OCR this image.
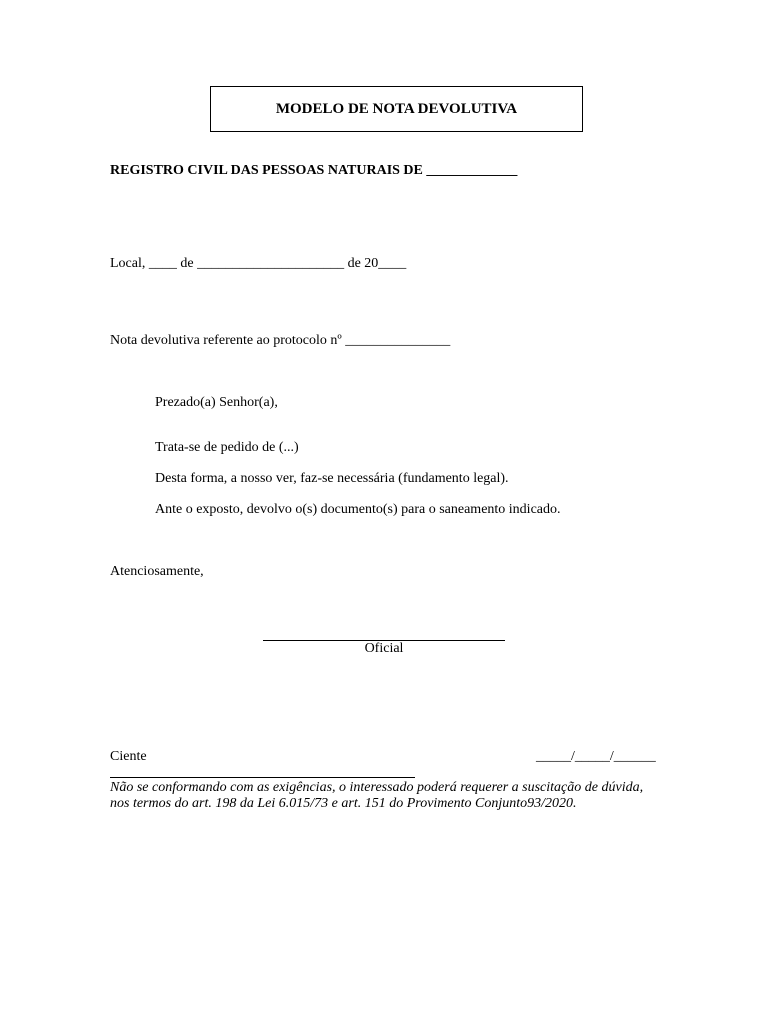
MODELO DE NOTA DEVOLUTIVA
REGISTRO CIVIL DAS PESSOAS NATURAIS DE _____________
Local, ____ de _____________________ de 20____
Nota devolutiva referente ao protocolo nº _______________
Prezado(a) Senhor(a),
Trata-se de pedido de (...)
Desta forma, a nosso ver, faz-se necessária (fundamento legal).
Ante o exposto, devolvo o(s) documento(s) para o saneamento indicado.
Atenciosamente,
Oficial
Ciente	_____/_____/______
Não se conformando com as exigências, o interessado poderá requerer a suscitação de dúvida,
nos termos do art. 198 da Lei 6.015/73 e art. 151 do Provimento Conjunto93/2020.
